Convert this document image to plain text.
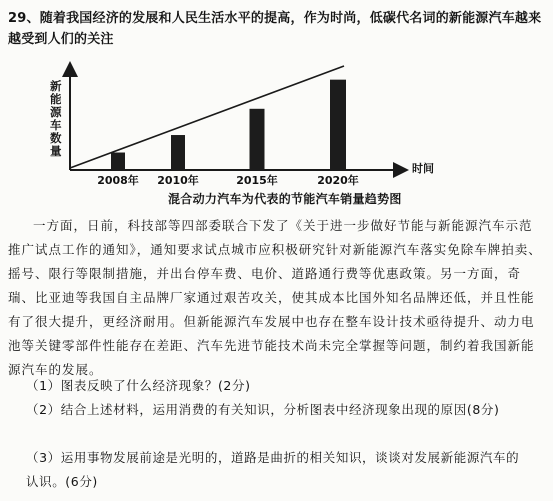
29、随着我国经济的发展和人民生活水平的提高，作为时尚，低碳代名词的新能源汽车越来越受到人们的关注
2008年 2010年	2015年	2020年
时间
新能源车数量
混合动力汽车为代表的节能汽车销量趋势图
一方面，日前，科技部等四部委联合下发了《关于进一步做好节能与新能源汽车示范推广试点工作的通知》，通知要求试点城市应积极研究针对新能源汽车落实免除车牌拍卖、摇号、限行等限制措施，并出台停车费、电价、道路通行费等优惠政策。另一方面，奇瑞、比亚迪等我国自主品牌厂家通过艰苦攻关，使其成本比国外知名品牌还低，并且性能有了很大提升，更经济耐用。但新能源汽车发展中也存在整车设计技术亟待提升、动力电池等关键零部件性能存在差距、汽车先进节能技术尚未完全掌握等问题，制约着我国新能源汽车的发展。
（1）图表反映了什么经济现象？(2分)
（2）结合上述材料，运用消费的有关知识，分析图表中经济现象出现的原因(8分)
（3）运用事物发展前途是光明的，道路是曲折的相关知识，谈谈对发展新能源汽车的认识。(6分)
